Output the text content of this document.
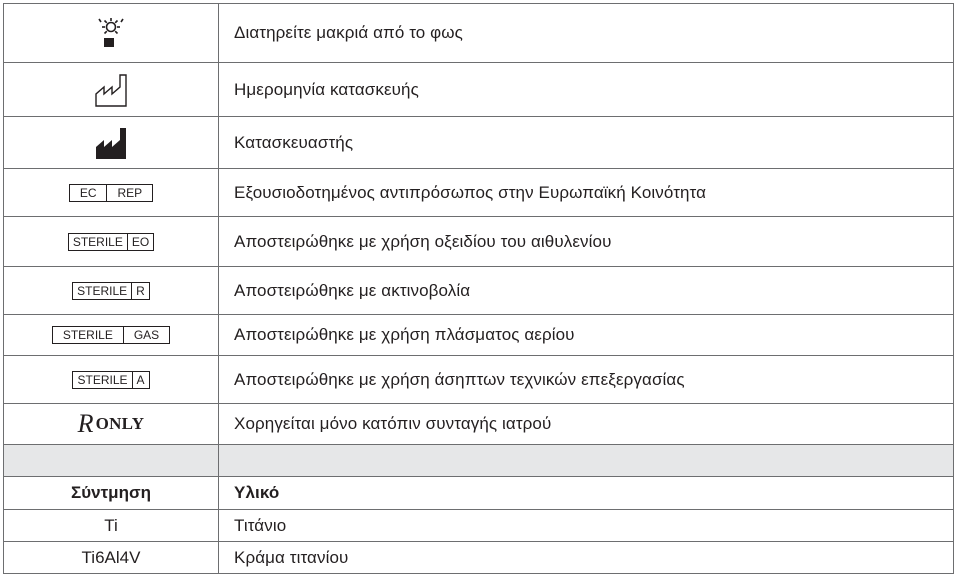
	Διατηρείτε μακριά από το φως

	Ημερομηνία κατασκευής

	Κατασκευαστής

EC REP	Εξουσιοδοτημένος αντιπρόσωπος στην Ευρωπαϊκή Κοινότητα

STERILE EO	Αποστειρώθηκε με χρήση οξειδίου του αιθυλενίου

STERILE R	Αποστειρώθηκε με ακτινοβολία

STERILE GAS	Αποστειρώθηκε με χρήση πλάσματος αερίου

STERILE A	Αποστειρώθηκε με χρήση άσηπτων τεχνικών επεξεργασίας

R ONLY	Χορηγείται μόνο κατόπιν συνταγής ιατρού

Σύντμηση	Υλικό
Ti	Τιτάνιο
Ti6Al4V	Κράμα τιτανίου
